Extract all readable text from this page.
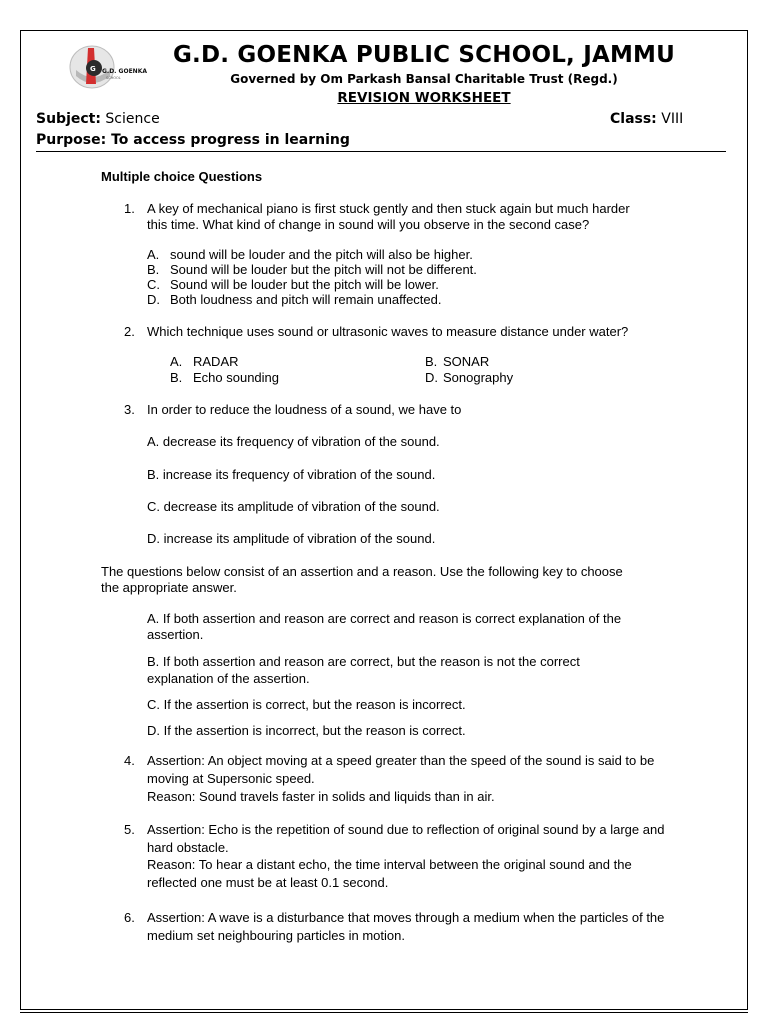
G G.D. GOENKA
SCHOOL
G.D. GOENKA PUBLIC SCHOOL, JAMMU
Governed by Om Parkash Bansal Charitable Trust (Regd.)
REVISION WORKSHEET
Subject: Science	Class: VIII
Purpose: To access progress in learning
Multiple choice Questions
1. A key of mechanical piano is first stuck gently and then stuck again but much harder
this time. What kind of change in sound will you observe in the second case?
A. sound will be louder and the pitch will also be higher.
B. Sound will be louder but the pitch will not be different.
C. Sound will be louder but the pitch will be lower.
D. Both loudness and pitch will remain unaffected.
2. Which technique uses sound or ultrasonic waves to measure distance under water?
A. RADAR	B. SONAR
B. Echo sounding	D. Sonography
3. In order to reduce the loudness of a sound, we have to
A. decrease its frequency of vibration of the sound.
B. increase its frequency of vibration of the sound.
C. decrease its amplitude of vibration of the sound.
D. increase its amplitude of vibration of the sound.
The questions below consist of an assertion and a reason. Use the following key to choose
the appropriate answer.
A. If both assertion and reason are correct and reason is correct explanation of the
assertion.
B. If both assertion and reason are correct, but the reason is not the correct
explanation of the assertion.
C. If the assertion is correct, but the reason is incorrect.
D. If the assertion is incorrect, but the reason is correct.
4. Assertion: An object moving at a speed greater than the speed of the sound is said to be
moving at Supersonic speed.
Reason: Sound travels faster in solids and liquids than in air.
5. Assertion: Echo is the repetition of sound due to reflection of original sound by a large and
hard obstacle.
Reason: To hear a distant echo, the time interval between the original sound and the
reflected one must be at least 0.1 second.
6. Assertion: A wave is a disturbance that moves through a medium when the particles of the
medium set neighbouring particles in motion.
